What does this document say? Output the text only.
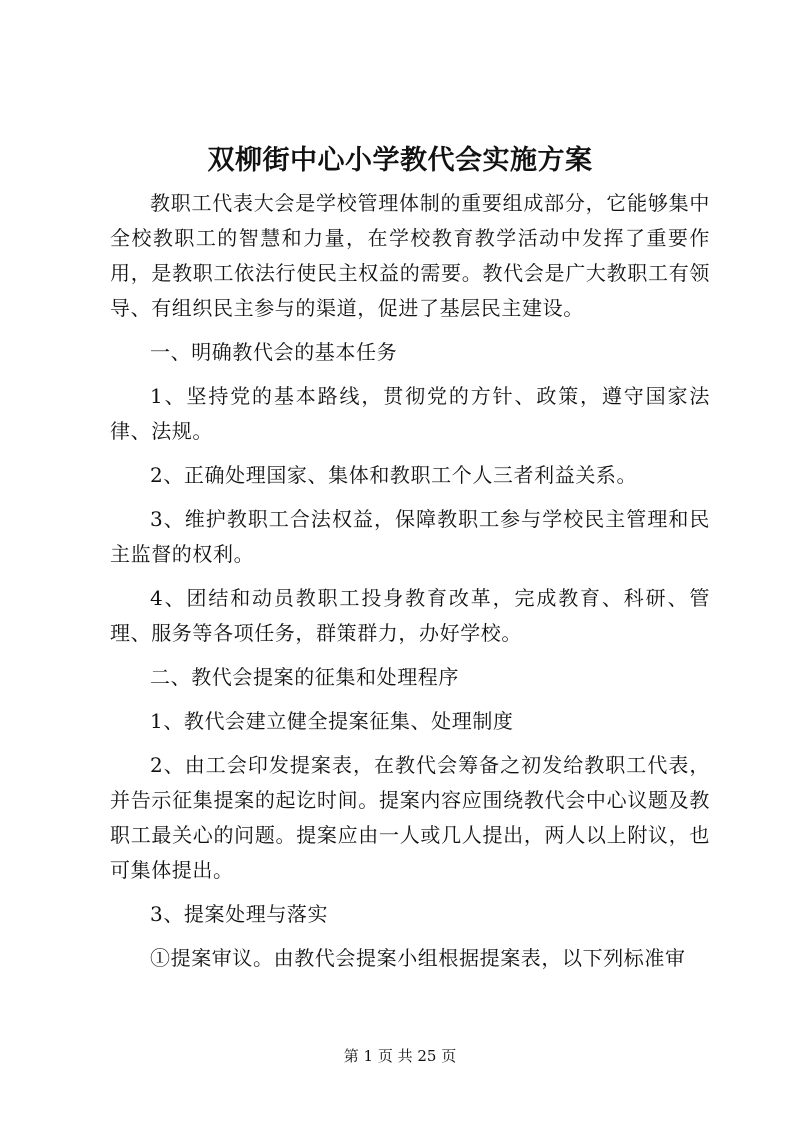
双柳街中心小学教代会实施方案

教职工代表大会是学校管理体制的重要组成部分，它能够集中全校教职工的智慧和力量，在学校教育教学活动中发挥了重要作用，是教职工依法行使民主权益的需要。教代会是广大教职工有领导、有组织民主参与的渠道，促进了基层民主建设。

一、明确教代会的基本任务

1、坚持党的基本路线，贯彻党的方针、政策，遵守国家法律、法规。

2、正确处理国家、集体和教职工个人三者利益关系。

3、维护教职工合法权益，保障教职工参与学校民主管理和民主监督的权利。

4、团结和动员教职工投身教育改革，完成教育、科研、管理、服务等各项任务，群策群力，办好学校。

二、教代会提案的征集和处理程序

1、教代会建立健全提案征集、处理制度

2、由工会印发提案表，在教代会筹备之初发给教职工代表，并告示征集提案的起讫时间。提案内容应围绕教代会中心议题及教职工最关心的问题。提案应由一人或几人提出，两人以上附议，也可集体提出。

3、提案处理与落实

①提案审议。由教代会提案小组根据提案表，以下列标准审

第 1 页 共 25 页
